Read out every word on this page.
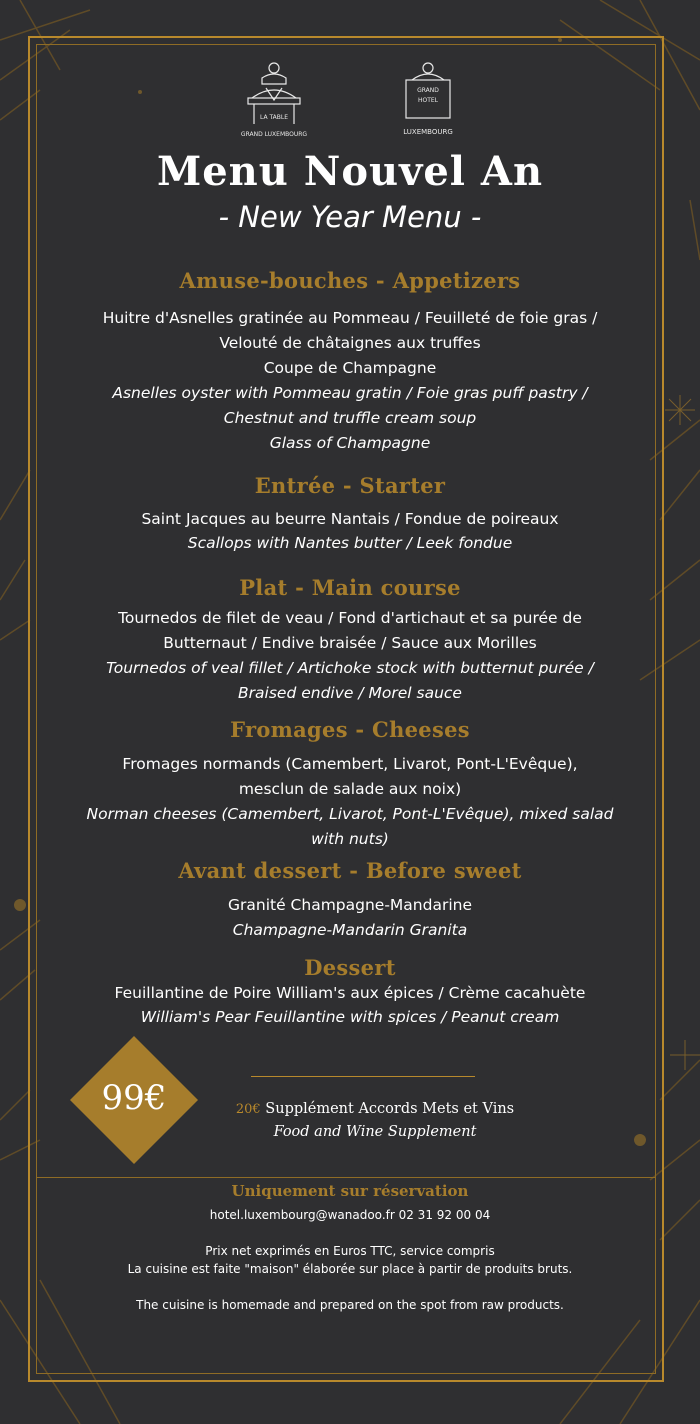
LA TABLE
GRAND LUXEMBOURG
GRAND
HOTEL
LUXEMBOURG
Menu Nouvel An
- New Year Menu -
Amuse-bouches - Appetizers
Huitre d'Asnelles gratinée au Pommeau / Feuilleté de foie gras /
Velouté de châtaignes aux truffes
Coupe de Champagne
Asnelles oyster with Pommeau gratin / Foie gras puff pastry /
Chestnut and truffle cream soup
Glass of Champagne
Entrée - Starter
Saint Jacques au beurre Nantais / Fondue de poireaux
Scallops with Nantes butter / Leek fondue
Plat - Main course
Tournedos de filet de veau / Fond d'artichaut et sa purée de
Butternaut / Endive braisée / Sauce aux Morilles
Tournedos of veal fillet / Artichoke stock with butternut purée /
Braised endive / Morel sauce
Fromages - Cheeses
Fromages normands (Camembert, Livarot, Pont-L'Evêque),
mesclun de salade aux noix)
Norman cheeses (Camembert, Livarot, Pont-L'Evêque), mixed salad
with nuts)
Avant dessert - Before sweet
Granité Champagne-Mandarine
Champagne-Mandarin Granita
Dessert
Feuillantine de Poire William's aux épices / Crème cacahuète
William's Pear Feuillantine with spices / Peanut cream
99€	20€ Supplément Accords Mets et Vins
Food and Wine Supplement
Uniquement sur réservation
hotel.luxembourg@wanadoo.fr 02 31 92 00 04
Prix net exprimés en Euros TTC, service compris
La cuisine est faite "maison" élaborée sur place à partir de produits bruts.
The cuisine is homemade and prepared on the spot from raw products.
